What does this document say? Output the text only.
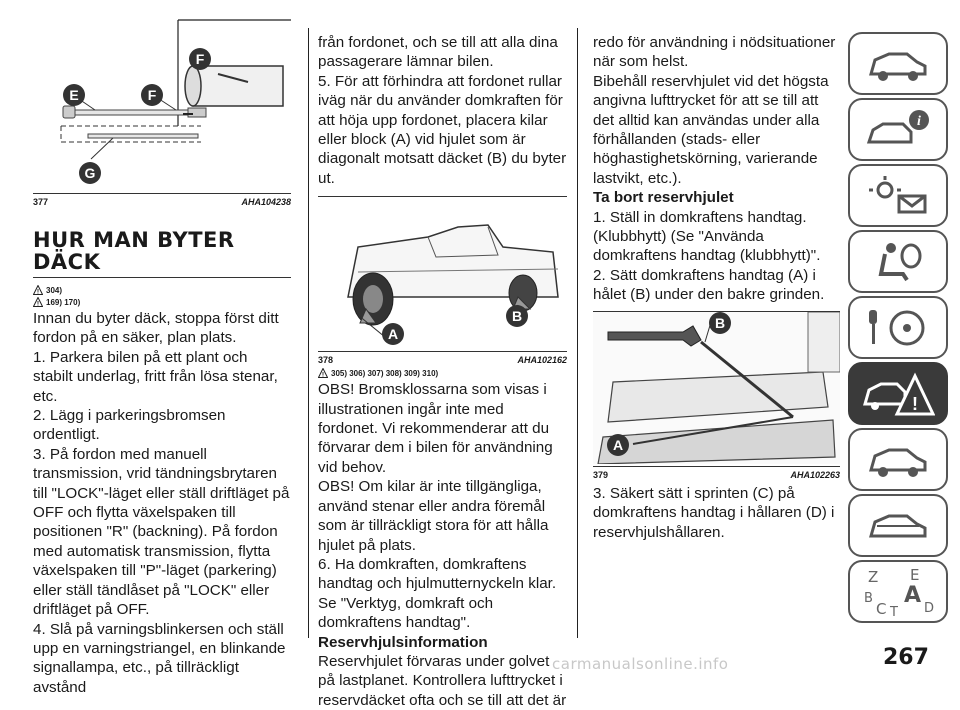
E	F
F
G
377	AHA104238
HUR MAN BYTER DÄCK
! 304)
! 169) 170)

Innan du byter däck, stoppa först ditt fordon på en säker, plan plats.

1. Parkera bilen på ett plant och stabilt underlag, fritt från lösa stenar, etc.

2. Lägg i parkeringsbromsen ordentligt.

3. På fordon med manuell transmission, vrid tändningsbrytaren till "LOCK"-läget eller ställ driftläget på OFF och flytta växelspaken till positionen "R" (backning). På fordon med automatisk transmission, flytta växelspaken till "P"-läget (parkering) eller ställ tändlåset på "LOCK" eller driftläget på OFF.

4. Slå på varningsblinkersen och ställ upp en varningstriangel, en blinkande signallampa, etc., på tillräckligt avstånd

från fordonet, och se till att alla dina passagerare lämnar bilen.

5. För att förhindra att fordonet rullar iväg när du använder domkraften för att höja upp fordonet, placera kilar eller block (A) vid hjulet som är diagonalt motsatt däcket (B) du byter ut.

A
B
378	AHA102162
! 305) 306) 307) 308) 309) 310)

OBS! Bromsklossarna som visas i illustrationen ingår inte med fordonet. Vi rekommenderar att du förvarar dem i bilen för användning vid behov.

OBS! Om kilar är inte tillgängliga, använd stenar eller andra föremål som är tillräckligt stora för att hålla hjulet på plats.

6. Ha domkraften, domkraftens handtag och hjulmutternyckeln klar. Se "Verktyg, domkraft och domkraftens handtag".

Reservhjulsinformation

Reservhjulet förvaras under golvet på lastplanet. Kontrollera lufttrycket i reservdäcket ofta och se till att det är

redo för användning i nödsituationer när som helst.

Bibehåll reservhjulet vid det högsta angivna lufttrycket för att se till att det alltid kan användas under alla förhållanden (stads- eller höghastighetskörning, varierande lastvikt, etc.).

Ta bort reservhjulet

1. Ställ in domkraftens handtag. (Klubbhytt) (Se "Använda domkraftens handtag (klubbhytt)".

2. Sätt domkraftens handtag (A) i hålet (B) under den bakre grinden.

B
A
379	AHA102263

3. Säkert sätt i sprinten (C) på domkraftens handtag i hållaren (D) i reservhjulshållaren.

i
!
Z E
B A
C T D
267
carmanualsonline.info
